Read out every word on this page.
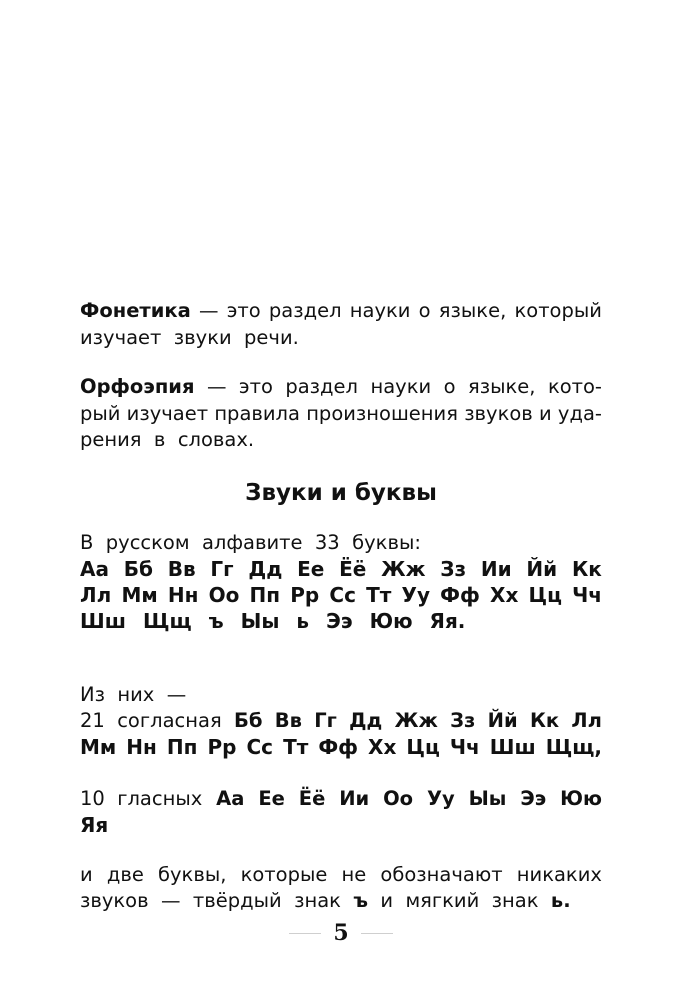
Фонетика — это раздел науки о языке, который
изучает  звуки  речи.
Орфоэпия — это раздел науки о языке, кото-
рый изучает правила произношения звуков и уда-
рения  в  словах.
Звуки и буквы
В  русском  алфавите  33  буквы:
Аа Бб Вв Гг Дд Ее Ёё Жж Зз Ии Йй Кк
Лл Мм Нн Оо Пп Рр Сс Тт Уу Фф Хх Цц Чч
Шш Щщ ъ Ыы ь Ээ Юю Яя.
Из  них  —
21  согласная Бб Вв Гг Дд Жж Зз Йй Кк Лл
Мм Нн Пп Рр Сс Тт Фф Хх Цц Чч Шш Щщ,
10  гласных Аа Ее Ёё Ии Оо Уу Ыы Ээ Юю
Яя
и две буквы, которые не обозначают никаких
звуков  —  твёрдый  знак ъ и  мягкий  знак ь.
5
